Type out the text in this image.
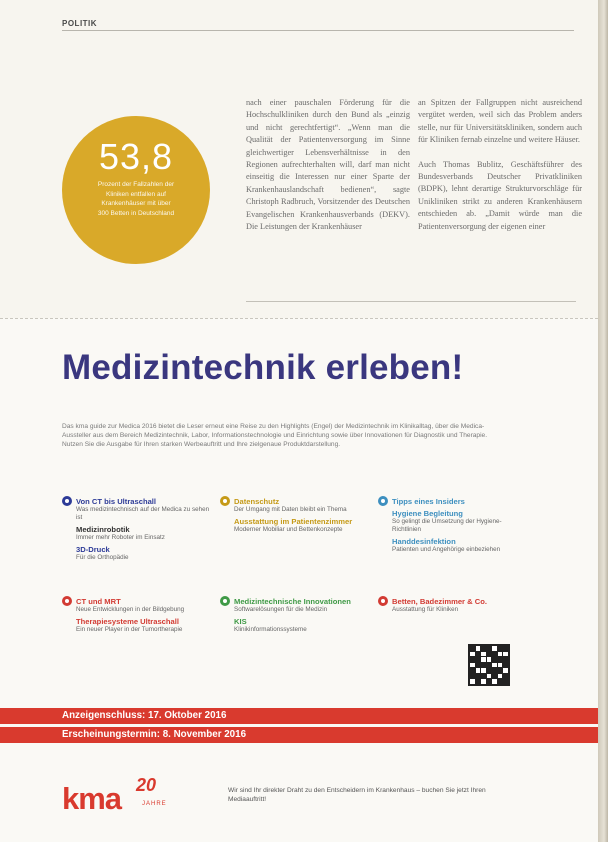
POLITIK
53,8
Prozent der Fallzahlen der
Kliniken entfallen auf
Krankenhäuser mit über
300 Betten in Deutschland

nach einer pauschalen Förderung für die Hochschulkliniken durch den Bund als „einzig und nicht gerechtfertigt“. „Wenn man die Qualität der Patientenversorgung im Sinne gleichwertiger Lebensverhältnisse in den Regionen aufrechterhalten will, darf man nicht einseitig die Interessen nur einer Sparte der Krankenhauslandschaft bedienen“, sagte Christoph Radbruch, Vorsitzender des Deutschen Evangelischen Krankenhausverbands (DEKV). Die Leistungen der Krankenhäuser

an Spitzen der Fallgruppen nicht ausreichend vergütet werden, weil sich das Problem anders stelle, nur für Universitätskliniken, sondern auch für Kliniken fernab einzelne und weitere Häuser.

Auch Thomas Bublitz, Geschäftsführer des Bundesverbands Deutscher Privatkliniken (BDPK), lehnt derartige Strukturvorschläge für Unikliniken strikt zu anderen Krankenhäusern entschieden ab. „Damit würde man die Patientenversorgung der eigenen einer

Medizintechnik erleben!
Das kma guide zur Medica 2016 bietet die Leser erneut eine Reise zu den Highlights (Engel) der Medizintechnik im Klinikalltag, über die Medica-Aussteller aus dem Bereich Medizintechnik, Labor, Informationstechnologie und Einrichtung sowie über Innovationen für Diagnostik und Therapie. Nutzen Sie die Ausgabe für Ihren starken Werbeauftritt und Ihre zielgenaue Produktdarstellung.
Von CT bis Ultraschall
Was medizintechnisch auf der Medica zu sehen ist
Medizinrobotik
Immer mehr Roboter im Einsatz
3D-Druck
Für die Orthopädie
Datenschutz
Der Umgang mit Daten bleibt ein Thema
Ausstattung im Patientenzimmer
Moderner Mobiliar und Bettenkonzepte
Tipps eines Insiders
Hygiene Begleitung
So gelingt die Umsetzung der Hygiene-Richtlinien
Handdesinfektion
Patienten und Angehörige einbeziehen
CT und MRT
Neue Entwicklungen in der Bildgebung
Therapiesysteme Ultraschall
Ein neuer Player in der Tumortherapie
Medizintechnische Innovationen
Softwarelösungen für die Medizin
KIS
Klinikinformationssysteme
Betten, Badezimmer & Co.
Ausstattung für Kliniken
Anzeigenschluss: 17. Oktober 2016
Erscheinungstermin: 8. November 2016
kma 20
JAHRE
Wir sind Ihr direkter Draht zu den Entscheidern im Krankenhaus – buchen Sie jetzt Ihren Mediaauftritt!
